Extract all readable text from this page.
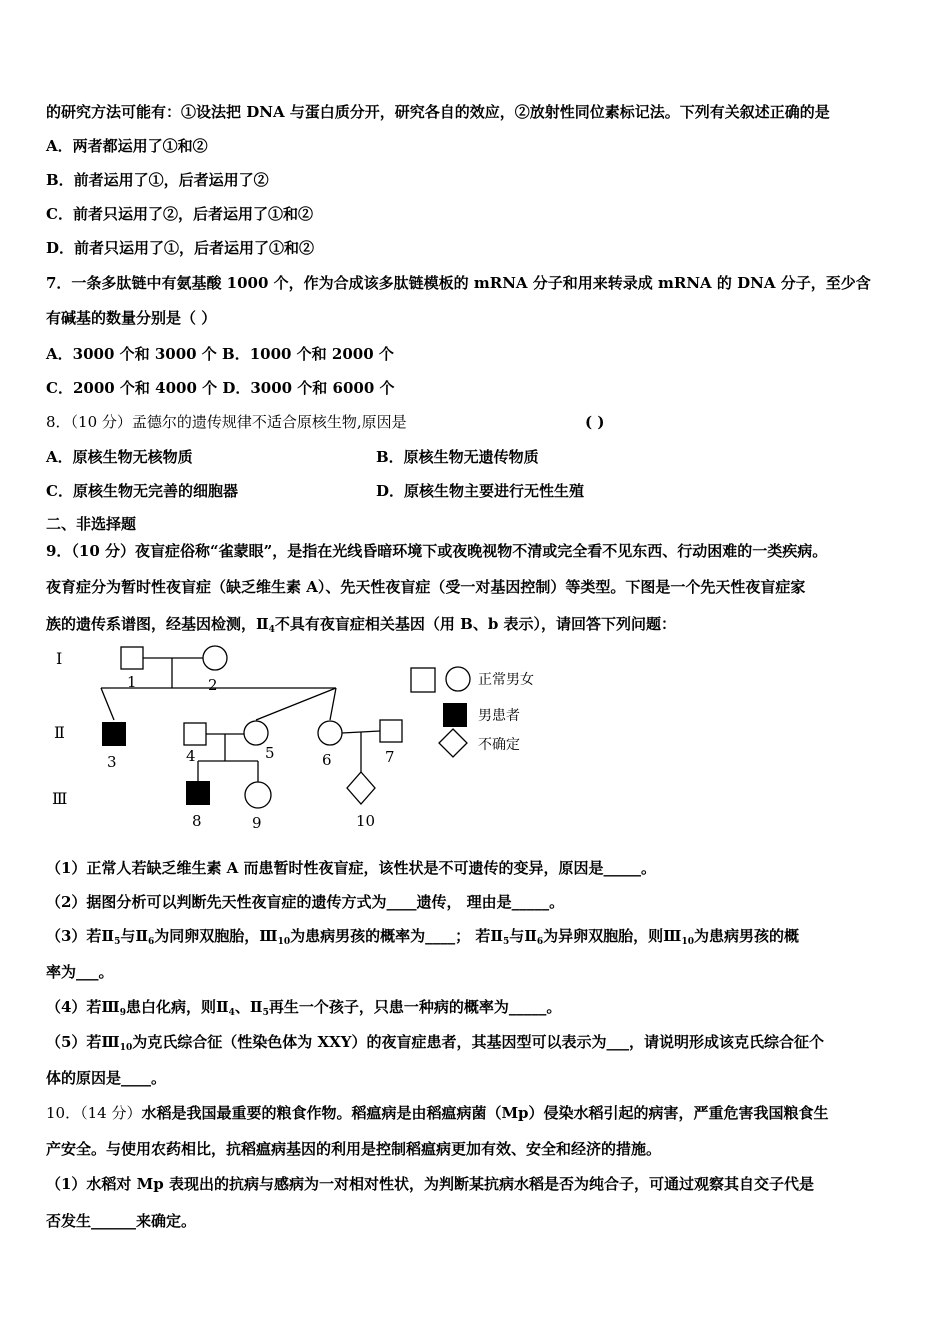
的研究方法可能有：①设法把 DNA 与蛋白质分开，研究各自的效应，②放射性同位素标记法。下列有关叙述正确的是
A．两者都运用了①和②
B．前者运用了①，后者运用了②
C．前者只运用了②，后者运用了①和②
D．前者只运用了①，后者运用了①和②
7．一条多肽链中有氨基酸 1000 个，作为合成该多肽链模板的 mRNA 分子和用来转录成 mRNA 的 DNA 分子，至少含
有碱基的数量分别是（ ）
A．3000 个和 3000 个 B．1000 个和 2000 个
C．2000 个和 4000 个 D．3000 个和 6000 个
8．（10 分）孟德尔的遗传规律不适合原核生物,原因是	( )
A．原核生物无核物质	B．原核生物无遗传物质
C．原核生物无完善的细胞器	D．原核生物主要进行无性生殖
二、非选择题
9．（10 分）夜盲症俗称“雀蒙眼”，是指在光线昏暗环境下或夜晚视物不清或完全看不见东西、行动困难的一类疾病。
夜育症分为暂时性夜盲症（缺乏维生素 A）、先天性夜盲症（受一对基因控制）等类型。下图是一个先天性夜盲症家
族的遗传系谱图，经基因检测，$Ⅱ_4$不具有夜盲症相关基因（用 B、b 表示），请回答下列问题：
Ⅰ
Ⅱ
Ⅲ
1	2
3	4	5	6	7
8	9	10
正常男女
男患者
不确定
（1）正常人若缺乏维生素 A 而患暂时性夜盲症，该性状是不可遗传的变异，原因是_____。
（2）据图分析可以判断先天性夜盲症的遗传方式为____遗传， 理由是_____。
（3）若$Ⅱ_5$与$Ⅱ_6$为同卵双胞胎，$Ⅲ_{10}$为患病男孩的概率为____； 若$Ⅱ_5$与$Ⅱ_6$为异卵双胞胎，则$Ⅲ_{10}$为患病男孩的概
率为___。
（4）若$Ⅲ_9$患白化病，则$Ⅱ_4$、$Ⅱ_5$再生一个孩子，只患一种病的概率为_____。
（5）若$Ⅲ_{10}$为克氏综合征（性染色体为 XXY）的夜盲症患者，其基因型可以表示为___，请说明形成该克氏综合征个
体的原因是____。
10．（14 分）水稻是我国最重要的粮食作物。稻瘟病是由稻瘟病菌（Mp）侵染水稻引起的病害，严重危害我国粮食生
产安全。与使用农药相比，抗稻瘟病基因的利用是控制稻瘟病更加有效、安全和经济的措施。
（1）水稻对 Mp 表现出的抗病与感病为一对相对性状，为判断某抗病水稻是否为纯合子，可通过观察其自交子代是
否发生______来确定。
